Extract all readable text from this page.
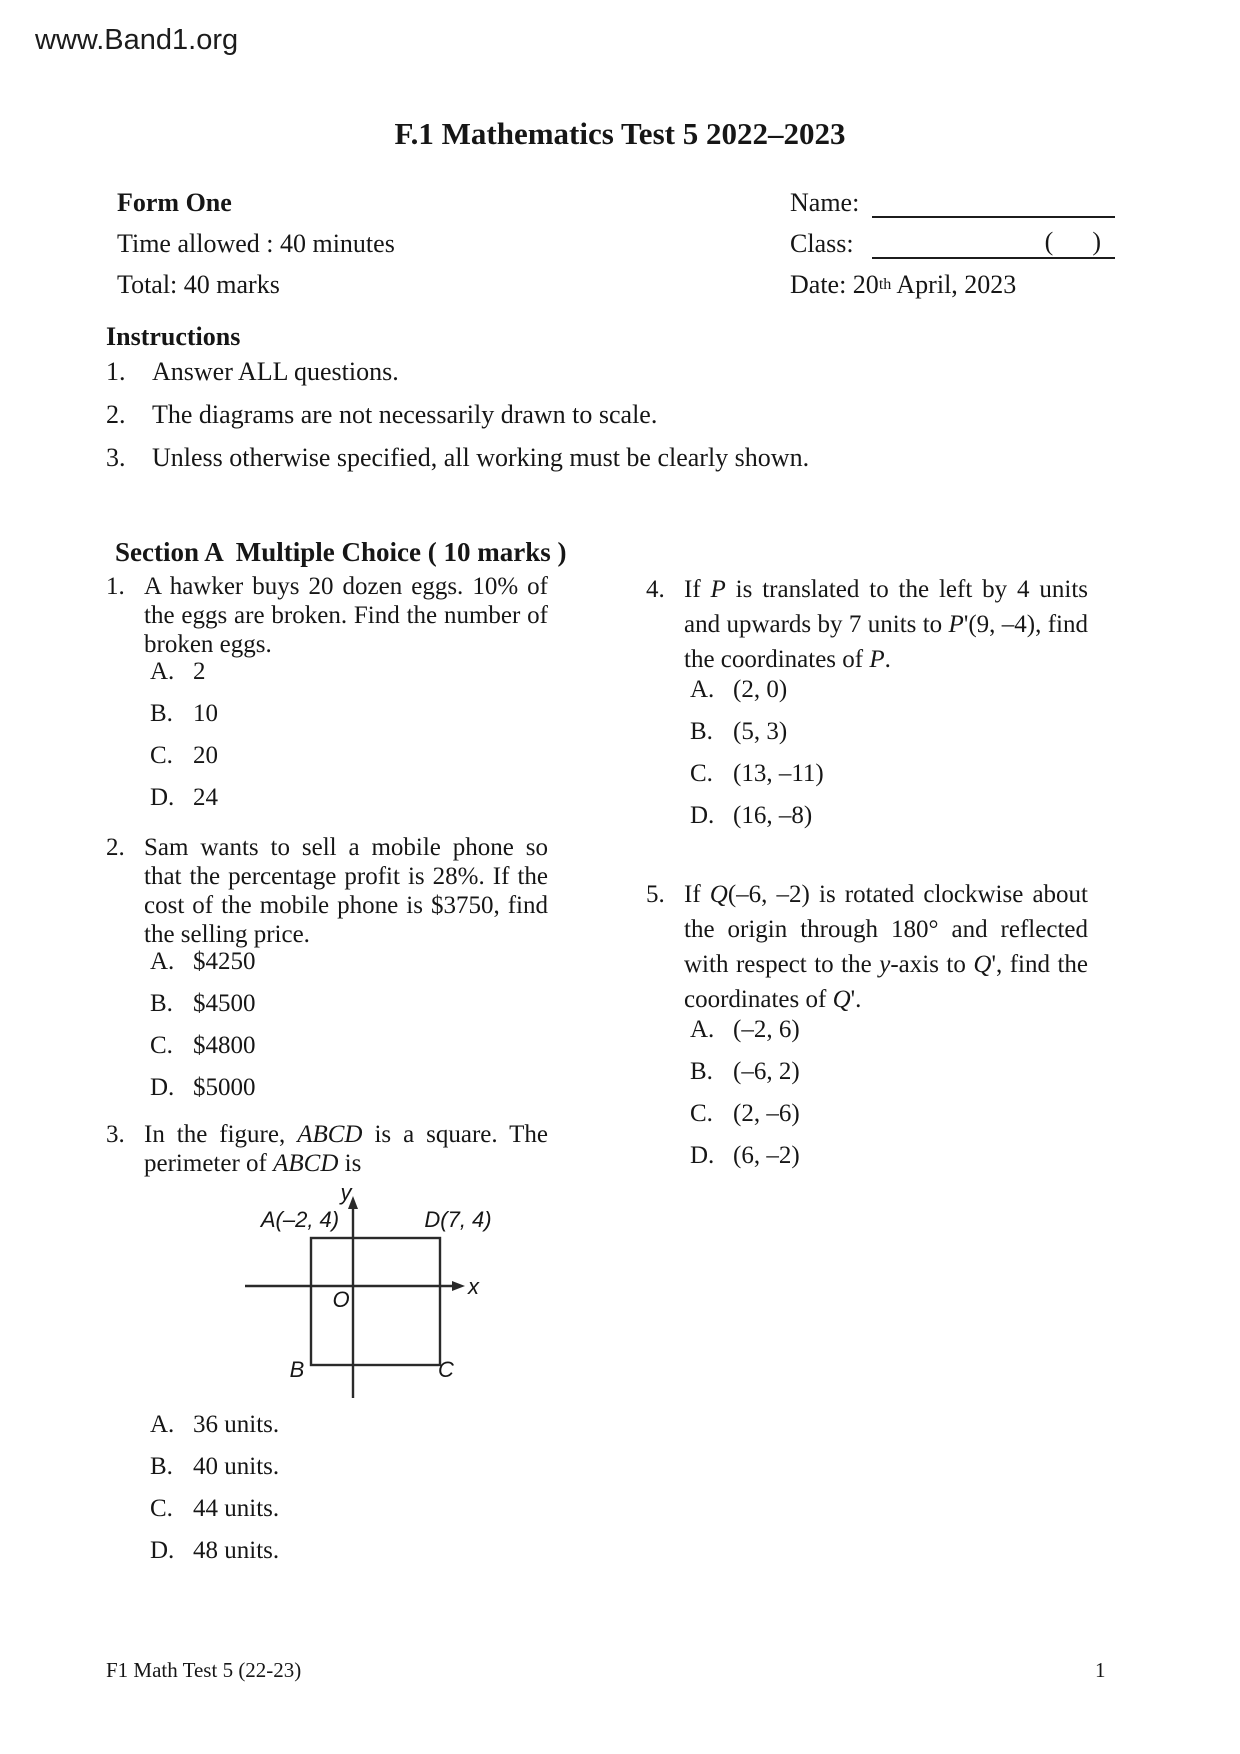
www.Band1.org
F.1 Mathematics Test 5 2022–2023
Form One
Time allowed : 40 minutes
Total: 40 marks
Name:
Class:	(      )
Date: 20 th April, 2023
Instructions
1.	Answer ALL questions.
2.	The diagrams are not necessarily drawn to scale.
3.	Unless otherwise specified, all working must be clearly shown.
Section A  Multiple Choice ( 10 marks )
1. A hawker buys 20 dozen eggs. 10% of the eggs are broken. Find the number of broken eggs.
A. 2
B. 10
C. 20
D. 24
2. Sam wants to sell a mobile phone so that the percentage profit is 28%. If the cost of the mobile phone is $3750, find the selling price.
A. $4250
B. $4500
C. $4800
D. $5000
3. In the figure, ABCD is a square. The perimeter of ABCD is
y
x
O
A(–2, 4)	D(7, 4)
B	C
A. 36 units.
B. 40 units.
C. 44 units.
D. 48 units.
4. If P is translated to the left by 4 units and upwards by 7 units to P'(9, –4), find the coordinates of P.
A. (2, 0)
B. (5, 3)
C. (13, –11)
D. (16, –8)
5. If Q(–6, –2) is rotated clockwise about the origin through 180° and reflected with respect to the y-axis to Q', find the coordinates of Q'.
A. (–2, 6)
B. (–6, 2)
C. (2, –6)
D. (6, –2)
F1 Math Test 5 (22-23)	1
